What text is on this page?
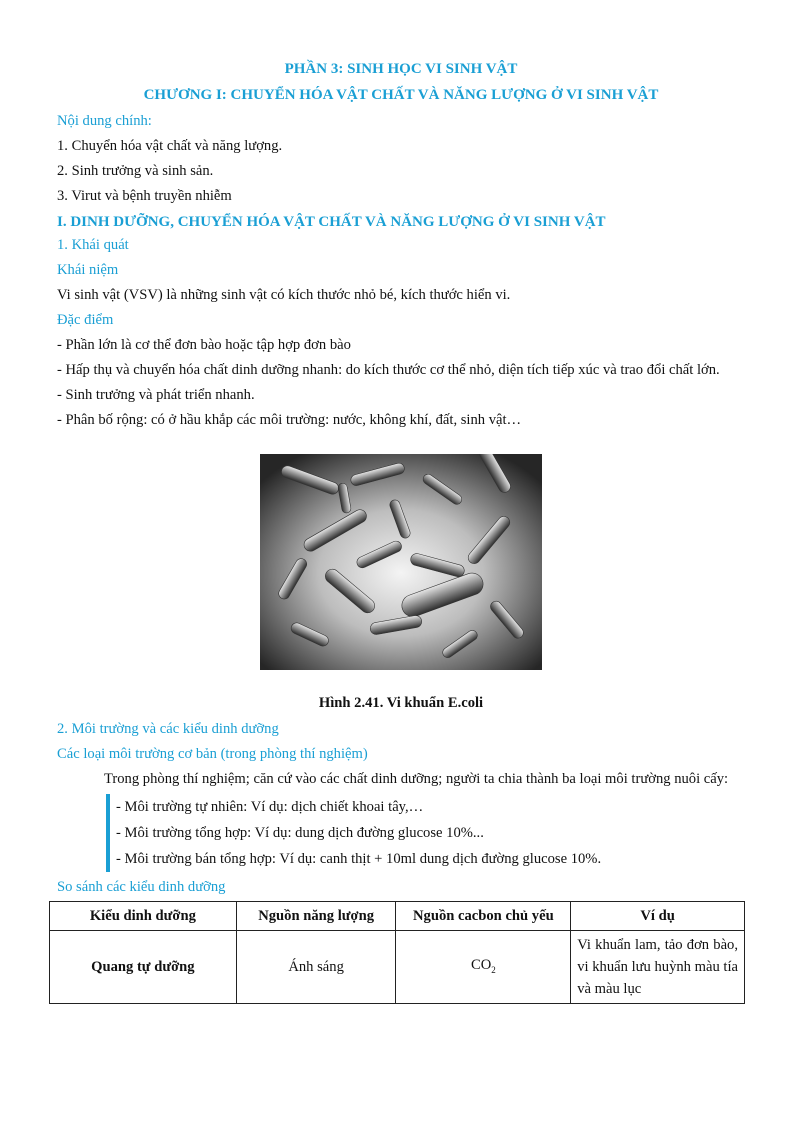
PHẦN 3: SINH HỌC VI SINH VẬT
CHƯƠNG I: CHUYỂN HÓA VẬT CHẤT VÀ NĂNG LƯỢNG Ở VI SINH VẬT

Nội dung chính:

1. Chuyển hóa vật chất và năng lượng.

2. Sinh trưởng và sinh sản.

3. Virut và bệnh truyền nhiễm

I. DINH DƯỠNG, CHUYỂN HÓA VẬT CHẤT VÀ NĂNG LƯỢNG Ở VI SINH VẬT

1. Khái quát

Khái niệm

Vi sinh vật (VSV) là những sinh vật có kích thước nhỏ bé, kích thước hiển vi.

Đặc điểm

- Phần lớn là cơ thể đơn bào hoặc tập hợp đơn bào

- Hấp thụ và chuyển hóa chất dinh dưỡng nhanh: do kích thước cơ thể nhỏ, diện tích tiếp xúc và trao đổi chất lớn.

- Sinh trưởng và phát triển nhanh.

- Phân bố rộng: có ở hầu khắp các môi trường: nước, không khí, đất, sinh vật…

Hình 2.41. Vi khuẩn E.coli

2. Môi trường và các kiểu dinh dưỡng

Các loại môi trường cơ bản (trong phòng thí nghiệm)

Trong phòng thí nghiệm; căn cứ vào các chất dinh dưỡng; người ta chia thành ba loại môi trường nuôi cấy:

- Môi trường tự nhiên: Ví dụ: dịch chiết khoai tây,…
- Môi trường tổng hợp: Ví dụ: dung dịch đường glucose 10%...
- Môi trường bán tổng hợp: Ví dụ: canh thịt + 10ml dung dịch đường glucose 10%.

So sánh các kiểu dinh dưỡng

Kiểu dinh dưỡng	Nguồn năng lượng	Nguồn cacbon chủ yếu	Ví dụ
Quang tự dưỡng	Ánh sáng	$CO_2$	Vi khuẩn lam, tảo đơn bào, vi khuẩn lưu huỳnh màu tía và màu lục
